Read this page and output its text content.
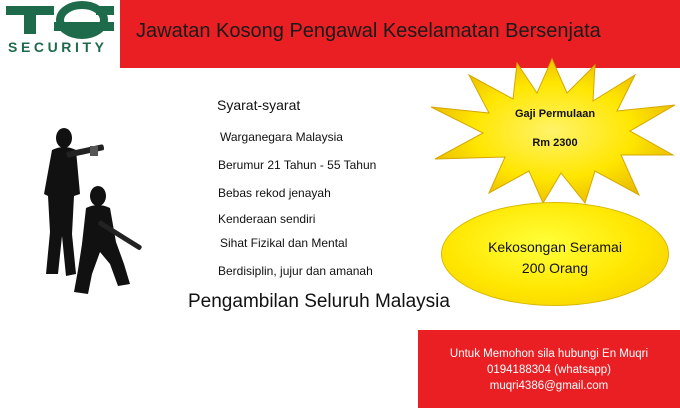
Jawatan Kosong Pengawal Keselamatan Bersenjata
SECURITY
Syarat-syarat
Warganegara Malaysia
Berumur 21 Tahun - 55 Tahun
Bebas rekod jenayah
Kenderaan sendiri
Sihat Fizikal dan Mental
Berdisiplin, jujur dan amanah
Pengambilan Seluruh Malaysia
Gaji Permulaan
Rm 2300
Kekosongan Seramai
200 Orang
Untuk Memohon sila hubungi En Muqri
0194188304 (whatsapp)
muqri4386@gmail.com
